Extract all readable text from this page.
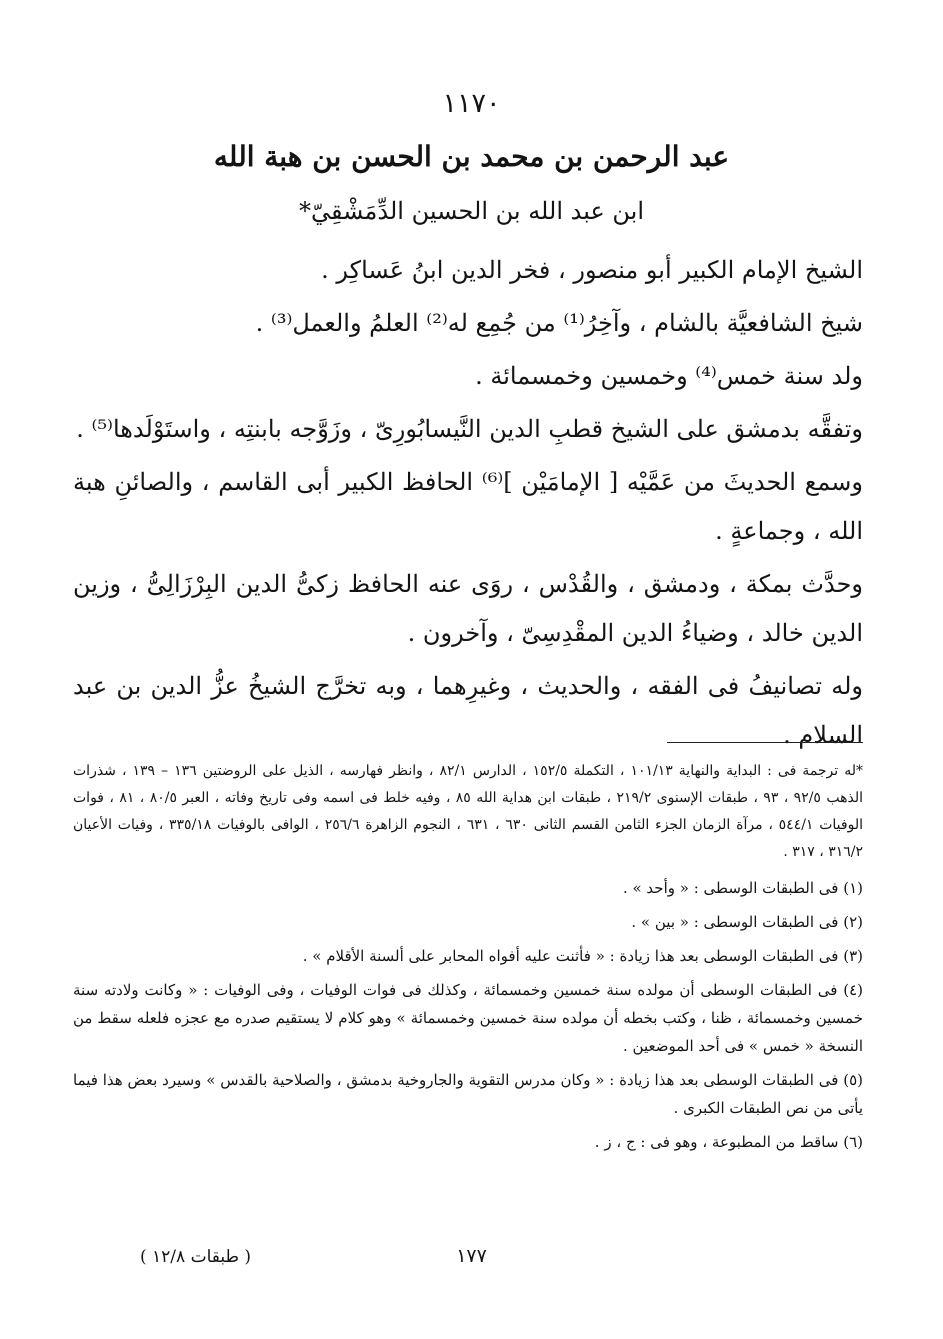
١١٧٠
عبد الرحمن بن محمد بن الحسن بن هبة الله
ابن عبد الله بن الحسين الدِّمَشْقِيّ*

الشيخ الإمام الكبير أبو منصور ، فخر الدين ابنُ عَساكِر .

شيخ الشافعيَّة بالشام ، وآخِرُ⁽¹⁾ من جُمِع له⁽²⁾ العلمُ والعمل⁽³⁾ .

ولد سنة خمس⁽⁴⁾ وخمسين وخمسمائة .

وتفقَّه بدمشق على الشيخ قطبِ الدين النَّيسابُورِىّ ، وزَوَّجه بابنتِه ، واستَوْلَدها⁽⁵⁾ .

وسمع الحديثَ من عَمَّيْه [ الإمامَيْن ]⁽⁶⁾ الحافظ الكبير أبى القاسم ، والصائنِ هبة الله ، وجماعةٍ .

وحدَّث بمكة ، ودمشق ، والقُدْس ، روَى عنه الحافظ زكىُّ الدين البِرْزَالِىُّ ، وزين الدين خالد ، وضياءُ الدين المقْدِسِىّ ، وآخرون .

وله تصانيفُ فى الفقه ، والحديث ، وغيرِهما ، وبه تخرَّج الشيخُ عزُّ الدين بن عبد السلام .

*له ترجمة فى : البداية والنهاية ١٠١/١٣ ، التكملة ١٥٢/٥ ، الدارس ٨٢/١ ، وانظر فهارسه ، الذيل على الروضتين ١٣٦ – ١٣٩ ، شذرات الذهب ٩٢/٥ ، ٩٣ ، طبقات الإسنوى ٢١٩/٢ ، طبقات ابن هداية الله ٨٥ ، وفيه خلط فى اسمه وفى تاريخ وفاته ، العبر ٨٠/٥ ، ٨١ ، فوات الوفيات ٥٤٤/١ ، مرآة الزمان الجزء الثامن القسم الثانى ٦٣٠ ، ٦٣١ ، النجوم الزاهرة ٢٥٦/٦ ، الوافى بالوفيات ٣٣٥/١٨ ، وفيات الأعيان ٣١٦/٢ ، ٣١٧ .

(١) فى الطبقات الوسطى : « وأحد » .

(٢) فى الطبقات الوسطى : « بين » .

(٣) فى الطبقات الوسطى بعد هذا زيادة : « فأثنت عليه أفواه المحابر على ألسنة الأقلام » .

(٤) فى الطبقات الوسطى أن مولده سنة خمسين وخمسمائة ، وكذلك فى فوات الوفيات ، وفى الوفيات : « وكانت ولادته سنة خمسين وخمسمائة ، ظنا ، وكتب بخطه أن مولده سنة خمسين وخمسمائة » وهو كلام لا يستقيم صدره مع عجزه فلعله سقط من النسخة « خمس » فى أحد الموضعين .

(٥) فى الطبقات الوسطى بعد هذا زيادة : « وكان مدرس التقوية والجاروخية بدمشق ، والصلاحية بالقدس » وسيرد بعض هذا فيما يأتى من نص الطبقات الكبرى .

(٦) ساقط من المطبوعة ، وهو فى : ج ، ز .

١٧٧
( طبقات ١٢/٨ )
